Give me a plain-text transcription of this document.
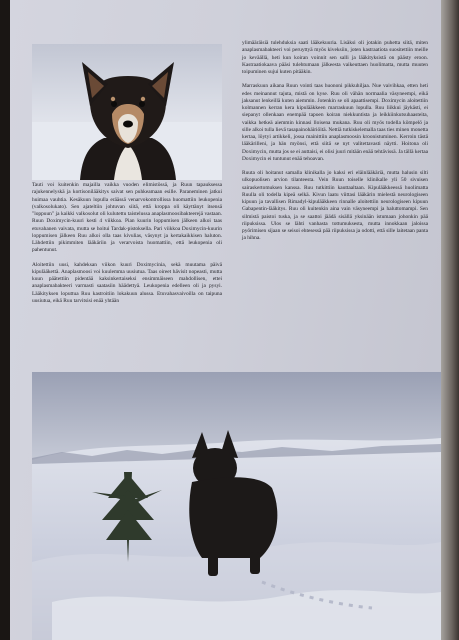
Tauti voi kuitenkin majailla vaikka vuoden elimistössä, ja Ruun tapauksessa rajukennelyskä ja kortisonilääkitys saivat sen puhkeamaan esille. Paraneminen jatkui huimaa vauhtia. Kesäkuun lopulla eräässä venarvokontrollissa huomattiin leukopenia (valkosolukato). Sen ajateltiin johtuvan siitä, että kroppa oli käyttänyt itsensä "loppuun" ja kaikki valkosolut oli kulutettu taistelussa anaplasmoosibakteerejä vastaan. Ruun Doximycin-kuuri kesti 4 viikkoa. Pian kuurin loppumisen jälkeen alkoi taas etuvahanen vaivata, mutta se hoitui Tardak-pistoksella. Pari viikkoa Doximycin-kuurin loppumisen jälkeen Ruu alkoi olla taas kivulias, väsynyt ja kertakaikkisen haluton. Lähdettiin pikimmiten lääkäriin ja verarvoista huomattiin, että leukopenia oli pahentunut.

Aloitettiin uusi, kahdeksan viikon kuuri Doximycinia, sekä muutama päivä kipulääkettä. Anaplasmoosi voi kuulemma uusiutua. Taas oireet hävisit nopeasti, mutta kuun päätettiin pidentää kaksinkertaiseksi ensimmäiseen mahdollisen, ettei anaplasmabakteeri varmasti saatasiin häädettyä. Leukopenia edelleen oli ja pysyi. Lääkityksen loputtua Ruu kastroitiin lokakuun alussa. Etuvahasvaivoilla on taipuna uusiutua, eikä Ruu tarvitsisi enää yhtään

ylimääräisiä tulehduksia saati lääkekuuria. Lisäksi oli jotakin puhetta siitä, miten anaplasmabakteeri voi peruyttyä myös kiveksiin, joten kastraatiota suositettiin meille jo keväällä, heti kun koiran voinnit sen salli ja lääkityksistä on päästy eroon. Kastraatiokaava pääsi tulehtumaan jälkeesta vaikeuttaen huolimatta, mutta muuten toipuminen sujui kuten pitääkin.

Marraskuun aikana Ruun vointi taas huononi pikkuhiljaa. Nue vaivihkaa, etten heti edes meinannut tajuta, mistä on kyse. Ruu oli vähän normaalia väsyneempi, eikä jaksanut lenkeillä kuten aiemmin. Jotenkin se oli apaattisempi. Doximycin aloitettiin kolmannen kerran kera kipulääkkeen marraskuun lopulla. Ruu liikkui jäykästi, ei siepanyt ollenkaan enempää tapoen koiran niekkuntista ja leikkiinkutsuhaasteita, vaikka hetkeä aiemmin kinnasi lloisena mukana. Ruu oli myös todella kömpelö ja sille alkoi tulla lievä tasapainohäiriöitä. Nettiä tutkiskelemalla taas ties minen monetta kertaa, löytyi artikkeli, jossa mainittiin anaplasmoosin kroonistuminen. Kerroin tästä lääkärilleni, ja hän myönsi, että siitä se nyt valitettavasti näytti. Hoitona oli Doximycin, mutta jos se ei auttaisi, ei olisi juuri mitään enää tehtävissä. Ja tällä kertaa Doximycin ei tuntunut enää tehoavan.

Ruuta oli hoitanut samalla klinikalla jo kaksi eri eläinlääkäriä, mutta halusin silti ulkopuolisen arvion tilanteesta. Vein Ruun toiselle klinikalle yli 50 sivuisen sairaskertomuksen kanssa. Ruu tutkittiin kauttaaltaan. Kipulääkkeessä huolimatta Ruulla oli todella kipeä selkä. Kivun laatu viittasi lääkärin mielestä neurologiseen kipuun ja tavallisen Rimadyl-kipulääkkeen rinnalle aloitettiin neurologiseen kipuun Gabapentin-lääkitys. Ruu oli kuitenkin aina vain väsyneempi ja haluttomampi. Sen silmistä paistoi tuska, ja se saattoi jäädä sisällä yksinään istumaan johonkin pää riipuksissa. Ulos se lähti vanhasta tottumuksesta, mutta innokkaan jaloissa pyörimisen sijaan se seisoi ehtesessä pää riipuksissa ja odotti, että sille laitetaan panta ja hihna.
